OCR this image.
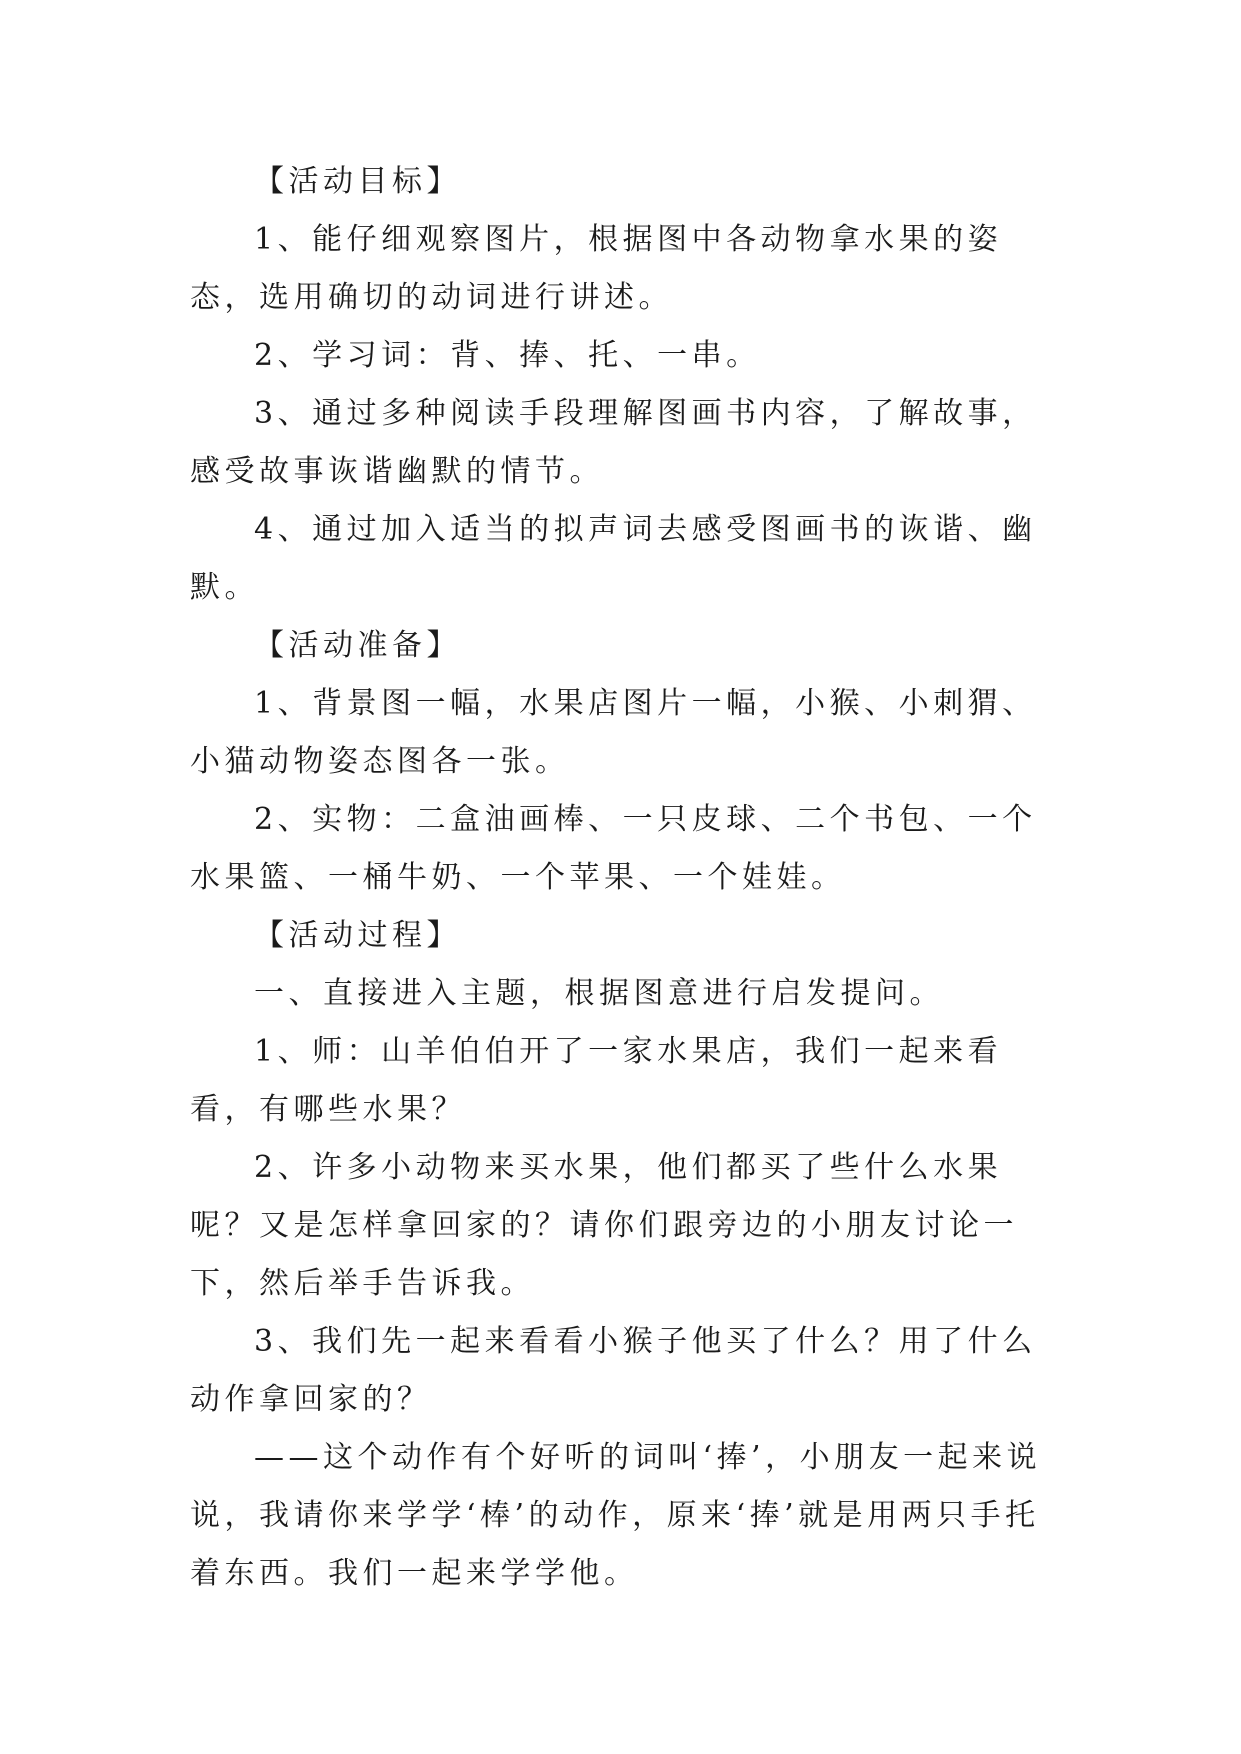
【活动目标】

1、能仔细观察图片，根据图中各动物拿水果的姿态，选用确切的动词进行讲述。

2、学习词：背、捧、托、一串。

3、通过多种阅读手段理解图画书内容，了解故事，感受故事诙谐幽默的情节。

4、通过加入适当的拟声词去感受图画书的诙谐、幽默。

【活动准备】

1、背景图一幅，水果店图片一幅，小猴、小刺猬、小猫动物姿态图各一张。

2、实物：二盒油画棒、一只皮球、二个书包、一个水果篮、一桶牛奶、一个苹果、一个娃娃。

【活动过程】

一、直接进入主题，根据图意进行启发提问。

1、师：山羊伯伯开了一家水果店，我们一起来看看，有哪些水果？

2、许多小动物来买水果，他们都买了些什么水果呢？又是怎样拿回家的？请你们跟旁边的小朋友讨论一下，然后举手告诉我。

3、我们先一起来看看小猴子他买了什么？用了什么动作拿回家的？

——这个动作有个好听的词叫‘捧’，小朋友一起来说说，我请你来学学‘棒’的动作，原来‘捧’就是用两只手托着东西。我们一起来学学他。
